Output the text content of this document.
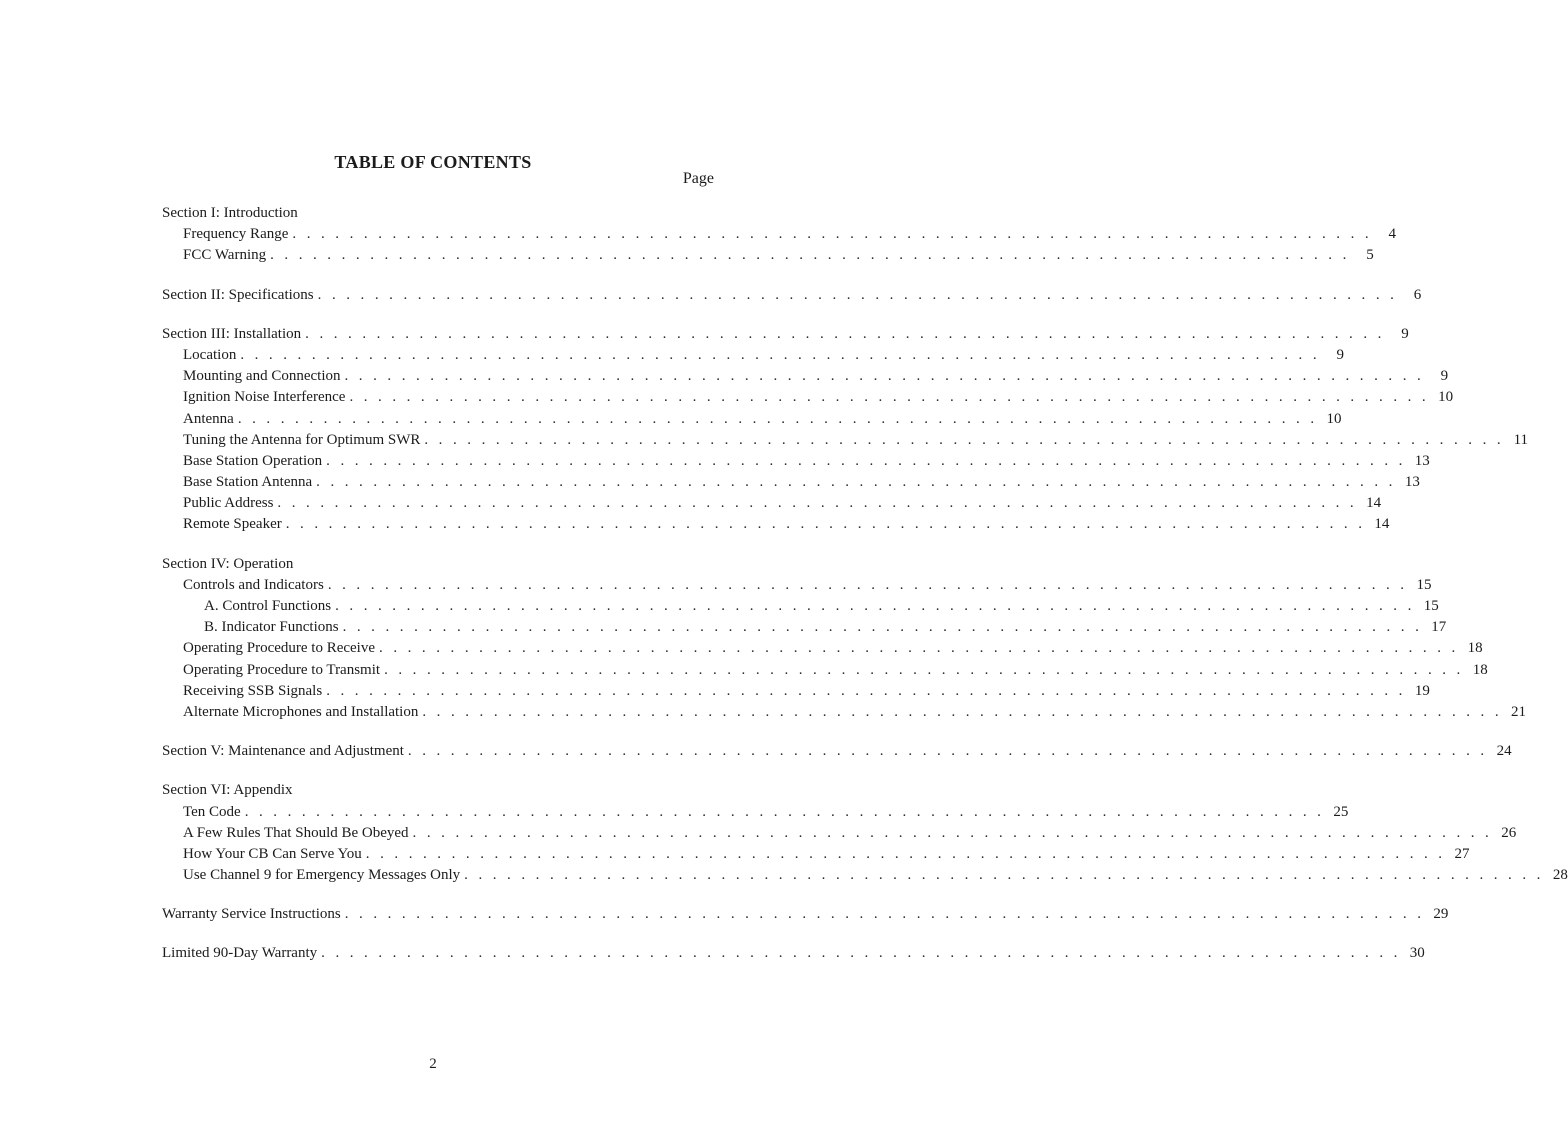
TABLE OF CONTENTS
Page
Section I: Introduction
Frequency Range . . . . . . . . . . . . . . . . . . . . . . . . . . . . . . . . . . . . . . . . . . . . . . . . . . . . . . . . . . . . . . . . . . . . . . . . . . . .	4
FCC Warning . . . . . . . . . . . . . . . . . . . . . . . . . . . . . . . . . . . . . . . . . . . . . . . . . . . . . . . . . . . . . . . . . . . . . . . . . . . .	5
Section II: Specifications . . . . . . . . . . . . . . . . . . . . . . . . . . . . . . . . . . . . . . . . . . . . . . . . . . . . . . . . . . . . . . . . . . . . . . . . . . . .	6
Section III: Installation . . . . . . . . . . . . . . . . . . . . . . . . . . . . . . . . . . . . . . . . . . . . . . . . . . . . . . . . . . . . . . . . . . . . . . . . . . . .	9
Location . . . . . . . . . . . . . . . . . . . . . . . . . . . . . . . . . . . . . . . . . . . . . . . . . . . . . . . . . . . . . . . . . . . . . . . . . . . .	9
Mounting and Connection . . . . . . . . . . . . . . . . . . . . . . . . . . . . . . . . . . . . . . . . . . . . . . . . . . . . . . . . . . . . . . . . . . . . . . . . . . . .	9
Ignition Noise Interference . . . . . . . . . . . . . . . . . . . . . . . . . . . . . . . . . . . . . . . . . . . . . . . . . . . . . . . . . . . . . . . . . . . . . . . . . . . . 10
Antenna . . . . . . . . . . . . . . . . . . . . . . . . . . . . . . . . . . . . . . . . . . . . . . . . . . . . . . . . . . . . . . . . . . . . . . . . . . . . 10
Tuning the Antenna for Optimum SWR . . . . . . . . . . . . . . . . . . . . . . . . . . . . . . . . . . . . . . . . . . . . . . . . . . . . . . . . . . . . . . . . . . . . . . . . . . . . 11
Base Station Operation . . . . . . . . . . . . . . . . . . . . . . . . . . . . . . . . . . . . . . . . . . . . . . . . . . . . . . . . . . . . . . . . . . . . . . . . . . . . 13
Base Station Antenna . . . . . . . . . . . . . . . . . . . . . . . . . . . . . . . . . . . . . . . . . . . . . . . . . . . . . . . . . . . . . . . . . . . . . . . . . . . . 13
Public Address . . . . . . . . . . . . . . . . . . . . . . . . . . . . . . . . . . . . . . . . . . . . . . . . . . . . . . . . . . . . . . . . . . . . . . . . . . . . 14
Remote Speaker . . . . . . . . . . . . . . . . . . . . . . . . . . . . . . . . . . . . . . . . . . . . . . . . . . . . . . . . . . . . . . . . . . . . . . . . . . . . 14
Section IV: Operation
Controls and Indicators . . . . . . . . . . . . . . . . . . . . . . . . . . . . . . . . . . . . . . . . . . . . . . . . . . . . . . . . . . . . . . . . . . . . . . . . . . . . 15
A. Control Functions . . . . . . . . . . . . . . . . . . . . . . . . . . . . . . . . . . . . . . . . . . . . . . . . . . . . . . . . . . . . . . . . . . . . . . . . . . . . 15
B. Indicator Functions . . . . . . . . . . . . . . . . . . . . . . . . . . . . . . . . . . . . . . . . . . . . . . . . . . . . . . . . . . . . . . . . . . . . . . . . . . . . 17
Operating Procedure to Receive . . . . . . . . . . . . . . . . . . . . . . . . . . . . . . . . . . . . . . . . . . . . . . . . . . . . . . . . . . . . . . . . . . . . . . . . . . . . 18
Operating Procedure to Transmit . . . . . . . . . . . . . . . . . . . . . . . . . . . . . . . . . . . . . . . . . . . . . . . . . . . . . . . . . . . . . . . . . . . . . . . . . . . . 18
Receiving SSB Signals . . . . . . . . . . . . . . . . . . . . . . . . . . . . . . . . . . . . . . . . . . . . . . . . . . . . . . . . . . . . . . . . . . . . . . . . . . . . 19
Alternate Microphones and Installation . . . . . . . . . . . . . . . . . . . . . . . . . . . . . . . . . . . . . . . . . . . . . . . . . . . . . . . . . . . . . . . . . . . . . . . . . . . . 21
Section V: Maintenance and Adjustment . . . . . . . . . . . . . . . . . . . . . . . . . . . . . . . . . . . . . . . . . . . . . . . . . . . . . . . . . . . . . . . . . . . . . . . . . . . . 24
Section VI: Appendix
Ten Code . . . . . . . . . . . . . . . . . . . . . . . . . . . . . . . . . . . . . . . . . . . . . . . . . . . . . . . . . . . . . . . . . . . . . . . . . . . . 25
A Few Rules That Should Be Obeyed . . . . . . . . . . . . . . . . . . . . . . . . . . . . . . . . . . . . . . . . . . . . . . . . . . . . . . . . . . . . . . . . . . . . . . . . . . . . 26
How Your CB Can Serve You . . . . . . . . . . . . . . . . . . . . . . . . . . . . . . . . . . . . . . . . . . . . . . . . . . . . . . . . . . . . . . . . . . . . . . . . . . . . 27
Use Channel 9 for Emergency Messages Only . . . . . . . . . . . . . . . . . . . . . . . . . . . . . . . . . . . . . . . . . . . . . . . . . . . . . . . . . . . . . . . . . . . . . . . . . . . . 28
Warranty Service Instructions . . . . . . . . . . . . . . . . . . . . . . . . . . . . . . . . . . . . . . . . . . . . . . . . . . . . . . . . . . . . . . . . . . . . . . . . . . . . 29
Limited 90-Day Warranty . . . . . . . . . . . . . . . . . . . . . . . . . . . . . . . . . . . . . . . . . . . . . . . . . . . . . . . . . . . . . . . . . . . . . . . . . . . . 30
2
